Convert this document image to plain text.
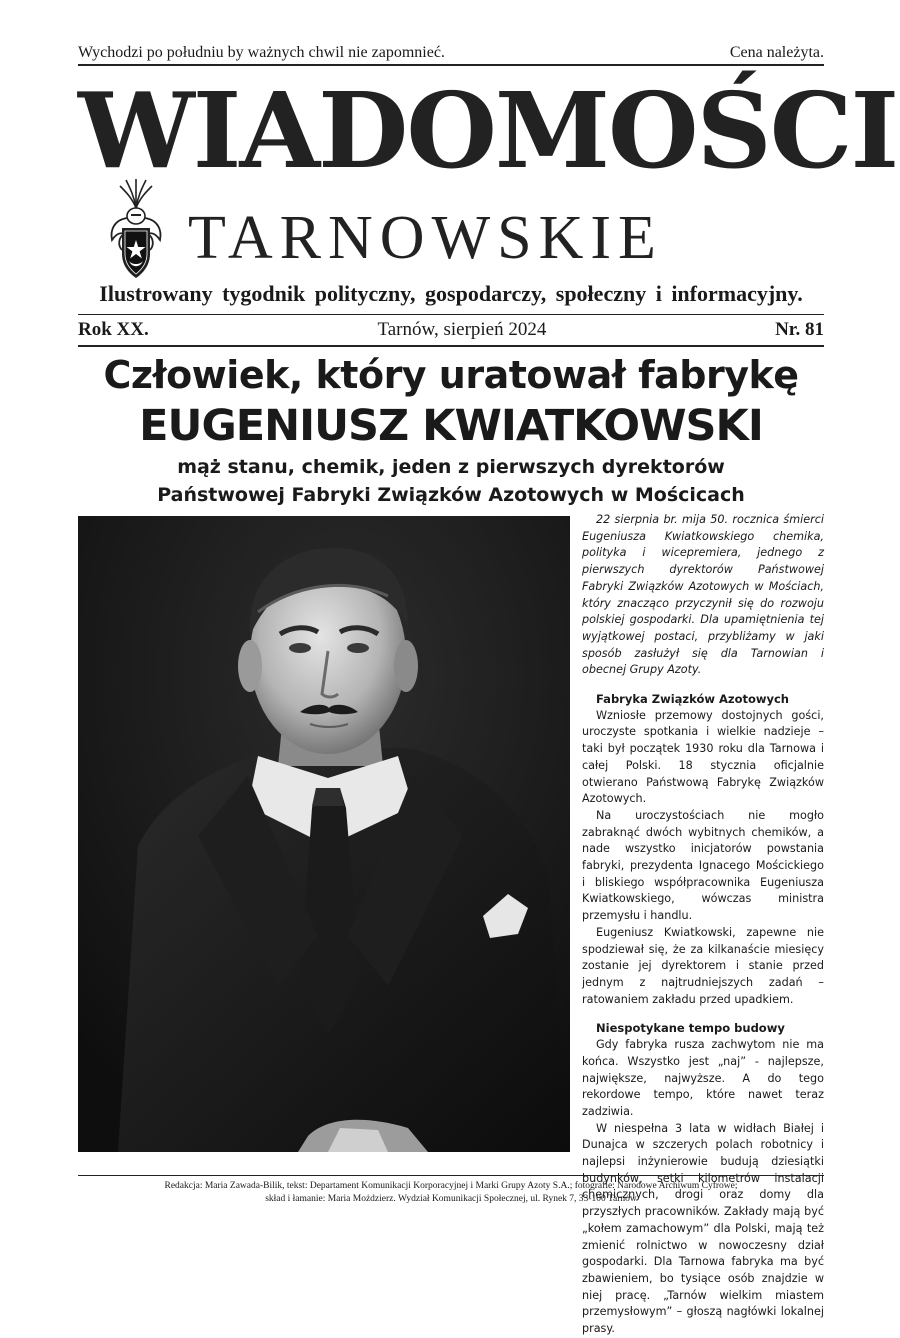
Wychodzi po południu by ważnych chwil nie zapomnieć.	Cena należyta.
WIADOMOŚCI
TARNOWSKIE
Ilustrowany tygodnik polityczny, gospodarczy, społeczny i informacyjny.
Rok XX.	Tarnów, sierpień 2024	Nr. 81
Człowiek, który uratował fabrykę
EUGENIUSZ KWIATKOWSKI
mąż stanu, chemik, jeden z pierwszych dyrektorów
Państwowej Fabryki Związków Azotowych w Mościcach

22 sierpnia br. mija 50. rocznica śmierci Eugeniusza Kwiatkowskiego chemika, polityka i wicepremiera, jednego z pierwszych dyrektorów Państwowej Fabryki Związków Azotowych w Mościach, który znacząco przyczynił się do rozwoju polskiej gospodarki. Dla upamiętnienia tej wyjątkowej postaci, przybliżamy w jaki sposób zasłużył się dla Tarnowian i obecnej Grupy Azoty.

Fabryka Związków Azotowych

Wzniosłe przemowy dostojnych gości, uroczyste spotkania i wielkie nadzieje – taki był początek 1930 roku dla Tarnowa i całej Polski. 18 stycznia oficjalnie otwierano Państwową Fabrykę Związków Azotowych.

Na uroczystościach nie mogło zabraknąć dwóch wybitnych chemików, a nade wszystko inicjatorów powstania fabryki, prezydenta Ignacego Mościckiego i bliskiego współpracownika Eugeniusza Kwiatkowskiego, wówczas ministra przemysłu i handlu.

Eugeniusz Kwiatkowski, zapewne nie spodziewał się, że za kilkanaście miesięcy zostanie jej dyrektorem i stanie przed jednym z najtrudniejszych zadań – ratowaniem zakładu przed upadkiem.

Niespotykane tempo budowy

Gdy fabryka rusza zachwytom nie ma końca. Wszystko jest „naj” - najlepsze, największe, najwyższe. A do tego rekordowe tempo, które nawet teraz zadziwia.

W niespełna 3 lata w widłach Białej i Dunajca w szczerych polach robotnicy i najlepsi inżynierowie budują dziesiątki budynków, setki kilometrów instalacji chemicznych, drogi oraz domy dla przyszłych pracowników. Zakłady mają być „kołem zamachowym” dla Polski, mają też zmienić rolnictwo w nowoczesny dział gospodarki. Dla Tarnowa fabryka ma być zbawieniem, bo tysiące osób znajdzie w niej pracę. „Tarnów wielkim miastem przemysłowym” – głoszą nagłówki lokalnej prasy.

Redakcja: Maria Zawada-Bilik, tekst: Departament Komunikacji Korporacyjnej i Marki Grupy Azoty S.A.; fotografie: Narodowe Archiwum Cyfrowe;
skład i łamanie: Maria Możdzierz. Wydział Komunikacji Społecznej, ul. Rynek 7, 33-100 Tarnów
